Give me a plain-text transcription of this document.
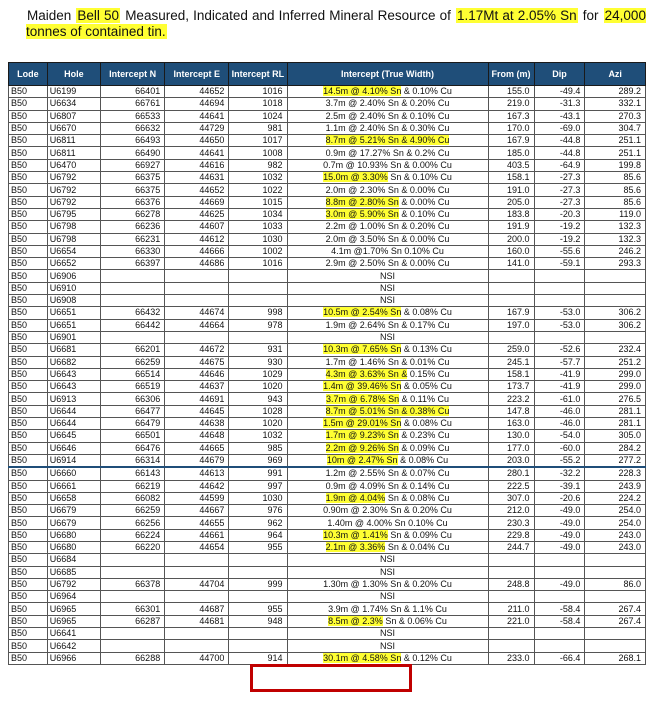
Maiden Bell 50 Measured, Indicated and Inferred Mineral Resource of 1.17Mt at 2.05% Sn for 24,000 tonnes of contained tin.
Lode	Hole	Intercept N	Intercept E	Intercept RL	Intercept (True Width)	From (m)	Dip	Azi
B50	U6199	66401	44652	1016	14.5m @ 4.10% Sn & 0.10% Cu	155.0	-49.4	289.2
B50	U6634	66761	44694	1018	3.7m @ 2.40% Sn & 0.20% Cu	219.0	-31.3	332.1
B50	U6807	66533	44641	1024	2.5m @ 2.40% Sn & 0.10% Cu	167.3	-43.1	270.3
B50	U6670	66632	44729	981	1.1m @ 2.40% Sn & 0.30% Cu	170.0	-69.0	304.7
B50	U6811	66493	44650	1017	8.7m @ 5.21% Sn & 4.90% Cu	167.9	-44.8	251.1
B50	U6811	66490	44641	1008	0.9m @ 17.27% Sn & 0.2% Cu	185.0	-44.8	251.1
B50	U6470	66927	44616	982	0.7m @ 10.93% Sn & 0.00% Cu	403.5	-64.9	199.8
B50	U6792	66375	44631	1032	15.0m @ 3.30% Sn & 0.10% Cu	158.1	-27.3	85.6
B50	U6792	66375	44652	1022	2.0m @ 2.30% Sn & 0.00% Cu	191.0	-27.3	85.6
B50	U6792	66376	44669	1015	8.8m @ 2.80% Sn & 0.00% Cu	205.0	-27.3	85.6
B50	U6795	66278	44625	1034	3.0m @ 5.90% Sn & 0.10% Cu	183.8	-20.3	119.0
B50	U6798	66236	44607	1033	2.2m @ 1.00% Sn & 0.20% Cu	191.9	-19.2	132.3
B50	U6798	66231	44612	1030	2.0m @ 3.50% Sn & 0.00% Cu	200.0	-19.2	132.3
B50	U6654	66330	44666	1002	4.1m @1.70% Sn 0.10% Cu	160.0	-55.6	246.2
B50	U6652	66397	44686	1016	2.9m @ 2.50% Sn & 0.00% Cu	141.0	-59.1	293.3
B50	U6906				NSI			
B50	U6910				NSI			
B50	U6908				NSI			
B50	U6651	66432	44674	998	10.5m @ 2.54% Sn & 0.08% Cu	167.9	-53.0	306.2
B50	U6651	66442	44664	978	1.9m @ 2.64% Sn & 0.17% Cu	197.0	-53.0	306.2
B50	U6901				NSI			
B50	U6681	66201	44672	931	10.3m @ 7.65% Sn & 0.13% Cu	259.0	-52.6	232.4
B50	U6682	66259	44675	930	1.7m @ 1.46% Sn & 0.01% Cu	245.1	-57.7	251.2
B50	U6643	66514	44646	1029	4.3m @ 3.63% Sn & 0.15% Cu	158.1	-41.9	299.0
B50	U6643	66519	44637	1020	1.4m @ 39.46% Sn & 0.05% Cu	173.7	-41.9	299.0
B50	U6913	66306	44691	943	3.7m @ 6.78% Sn & 0.11% Cu	223.2	-61.0	276.5
B50	U6644	66477	44645	1028	8.7m @ 5.01% Sn & 0.38% Cu	147.8	-46.0	281.1
B50	U6644	66479	44638	1020	1.5m @ 29.01% Sn & 0.08% Cu	163.0	-46.0	281.1
B50	U6645	66501	44648	1032	1.7m @ 9.23% Sn & 0.23% Cu	130.0	-54.0	305.0
B50	U6646	66476	44665	985	2.2m @ 9.26% Sn & 0.09% Cu	177.0	-60.0	284.2
B50	U6914	66314	44679	969	10m @ 2.47% Sn & 0.08% Cu	203.0	-55.2	277.2
B50	U6660	66143	44613	991	1.2m @ 2.55% Sn & 0.07% Cu	280.1	-32.2	228.3
B50	U6661	66219	44642	997	0.9m @ 4.09% Sn & 0.14% Cu	222.5	-39.1	243.9
B50	U6658	66082	44599	1030	1.9m @ 4.04% Sn & 0.08% Cu	307.0	-20.6	224.2
B50	U6679	66259	44667	976	0.90m @ 2.30% Sn & 0.20% Cu	212.0	-49.0	254.0
B50	U6679	66256	44655	962	1.40m @ 4.00% Sn 0.10% Cu	230.3	-49.0	254.0
B50	U6680	66224	44661	964	10.3m @ 1.41% Sn & 0.09% Cu	229.8	-49.0	243.0
B50	U6680	66220	44654	955	2.1m @ 3.36% Sn & 0.04% Cu	244.7	-49.0	243.0
B50	U6684				NSI			
B50	U6685				NSI			
B50	U6792	66378	44704	999	1.30m @ 1.30% Sn & 0.20% Cu	248.8	-49.0	86.0
B50	U6964				NSI			
B50	U6965	66301	44687	955	3.9m @ 1.74% Sn & 1.1% Cu	211.0	-58.4	267.4
B50	U6965	66287	44681	948	8.5m @ 2.3% Sn & 0.06% Cu	221.0	-58.4	267.4
B50	U6641				NSI			
B50	U6642				NSI			
B50	U6966	66288	44700	914	30.1m @ 4.58% Sn & 0.12% Cu	233.0	-66.4	268.1
